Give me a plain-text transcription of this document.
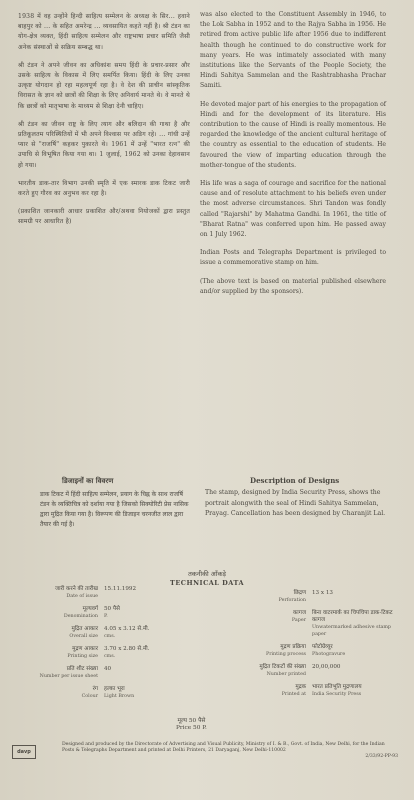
1938 में वह उन्होंने हिन्दी साहित्य सम्मेलन के अध्यक्ष के सिर... हवाने बाहपुर को ... के सहित अमरेन्द्र ... व्यवसायित कहते नहीं है। श्री टंडन का योग-क्षेत्र व्यक्त, हिंदी साहित्य सम्मेलन और राष्ट्रभाषा प्रचार समिति जैसी अनेक संस्थाओं से सक्रिय सम्बद्ध था।

श्री टंडन ने अपने जीवन का अधिकांश समय हिंदी के प्रचार-प्रसार और उसके साहित्य के विकास में लिए समर्पित किया। हिंदी के लिए उनका उत्कृष्ट योगदान हो रहा महत्वपूर्ण रहा है। वे देश की प्राचीन सांस्कृतिक विरासत के ज्ञान को छात्रों की शिक्षा के लिए अनिवार्य मानते थे। वे मानते थे कि छात्रों को मातृभाषा के माध्यम से शिक्षा देनी चाहिए।

श्री टंडन का जीवन राष्ट्र के लिए त्याग और बलिदान की गाथा है और प्रतिकूलतम परिस्थितियों में भी अपने विश्वास पर अडिग रहे। ... गांधी उन्हें प्यार से "राजर्षि" कहकर पुकारते थे। 1961 में उन्हें "भारत रत्न" की उपाधि से विभूषित किया गया था। 1 जुलाई, 1962 को उनका देहावसान हो गया।

भारतीय डाक-तार विभाग उनकी स्मृति में एक स्मारक डाक टिकट जारी करते हुए गौरव का अनुभव कर रहा है।

(प्रकाशित जानकारी आधार प्रकाशित और/अथवा नियोजकों द्वारा प्रस्तुत सामग्री पर आधारित है)

was also elected to the Constituent Assembly in 1946, to the Lok Sabha in 1952 and to the Rajya Sabha in 1956. He retired from active public life after 1956 due to indifferent health though he continued to do constructive work for many years. He was intimately associated with many institutions like the Servants of the People Society, the Hindi Sahitya Sammelan and the Rashtrabhasha Prachar Samiti.

He devoted major part of his energies to the propagation of Hindi and for the development of its literature. His contribution to the cause of Hindi is really momentous. He regarded the knowledge of the ancient cultural heritage of the country as essential to the education of students. He favoured the view of imparting education through the mother-tongue of the students.

His life was a saga of courage and sacrifice for the national cause and of resolute attachment to his beliefs even under the most adverse circumstances. Shri Tandon was fondly called "Rajarshi" by Mahatma Gandhi. In 1961, the title of "Bharat Ratna" was conferred upon him. He passed away on 1 July 1962.

Indian Posts and Telegraphs Department is privileged to issue a commemorative stamp on him.

(The above text is based on material published elsewhere and/or supplied by the sponsors).

डिजाइनों का विवरण	Description of Designs
डाक टिकट में हिंदी साहित्य सम्मेलन, प्रयाग के चिह्न के साथ राजर्षि टंडन के व्यक्तिचित्र को दर्शाया गया है जिसको सिक्योरिटी प्रेस नासिक द्वारा मुद्रित किया गया है। विरूपण की डिजाइन चरनजीत लाल द्वारा तैयार की गई है।
The stamp, designed by India Security Press, shows the portrait alongwith the seal of Hindi Sahitya Sammelan, Prayag. Cancellation has been designed by Charanjit Lal.
तकनीकी आँकड़े
TECHNICAL DATA
जारी करने की तारीख
Date of issue
15.11.1992
मूल्यवर्ग
Denomination
50 पैसे
P.
मुद्रित आकार
Overall size
4.05 x 3.12 से.मी.
cms.
मुद्रण आकार
Printing size
3.70 x 2.80 से.मी.
cms.
प्रति शीट संख्या
Number per issue sheet
40
रंग
Colour
हल्का भूरा
Light Brown
छिद्रण
Perforation
13 x 13
कागज
Paper
बिना वाटरमार्क का चिपचिपा डाक-टिकट कागज
Unwatermarked adhesive stamp paper
मुद्रण प्रक्रिया
Printing process
फोटोग्रेव्यूर
Photogravure
मुद्रित टिकटों की संख्या
Number printed
20,00,000
मुद्रक
Printed at
भारत प्रतिभूति मुद्रणालय
India Security Press
मूल्य 50 पैसे
Price 50 P.
davp
Designed and produced by the Directorate of Advertising and Visual Publicity, Ministry of I. & B., Govt. of India, New Delhi, for the Indian Posts & Telegraphs Department and printed at Delhi Printers, 21 Daryaganj, New Delhi-110002
2/33/92-PP-93
